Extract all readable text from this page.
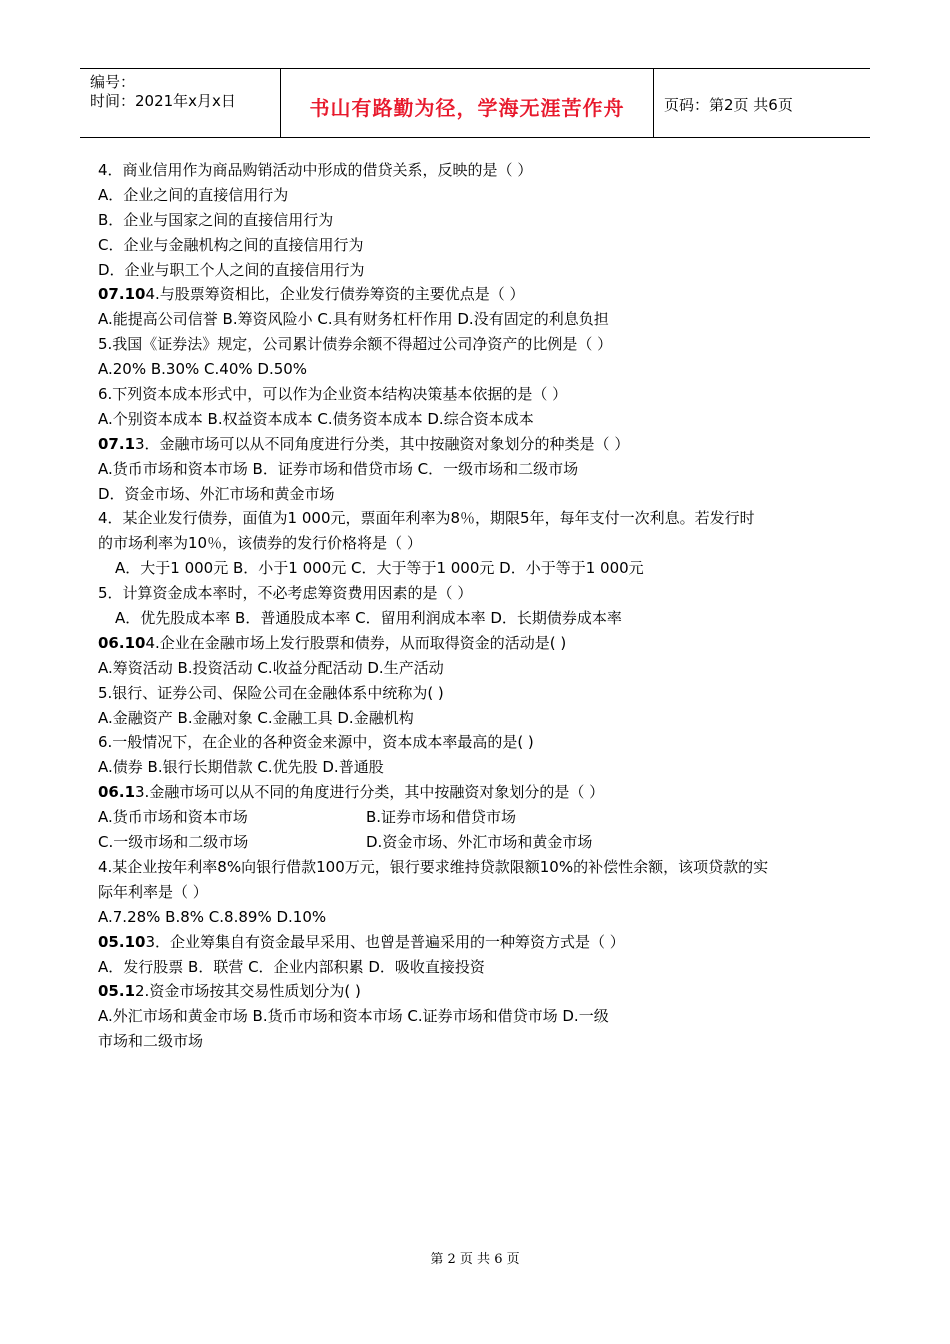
编号：
时间：2021年x月x日	书山有路勤为径，学海无涯苦作舟	页码：第2页 共6页
4．商业信用作为商品购销活动中形成的借贷关系，反映的是（ ）
A．企业之间的直接信用行为
B．企业与国家之间的直接信用行为
C．企业与金融机构之间的直接信用行为
D．企业与职工个人之间的直接信用行为
07.104.与股票筹资相比，企业发行债券筹资的主要优点是（ ）
A.能提高公司信誉 B.筹资风险小 C.具有财务杠杆作用 D.没有固定的利息负担
5.我国《证券法》规定，公司累计债券余额不得超过公司净资产的比例是（ ）
A.20% B.30% C.40% D.50%
6.下列资本成本形式中，可以作为企业资本结构决策基本依据的是（ ）
A.个别资本成本 B.权益资本成本 C.债务资本成本 D.综合资本成本
07.13．金融市场可以从不同角度进行分类，其中按融资对象划分的种类是（ ）
A.货币市场和资本市场 B．证券市场和借贷市场 C．一级市场和二级市场
D．资金市场、外汇市场和黄金市场
4．某企业发行债券，面值为1 000元，票面年利率为8％，期限5年，每年支付一次利息。若发行时
的市场利率为10％，该债券的发行价格将是（ ）
A．大于1 000元 B．小于1 000元 C．大于等于1 000元 D．小于等于1 000元
5．计算资金成本率时，不必考虑筹资费用因素的是（ ）
A．优先股成本率 B．普通股成本率 C．留用利润成本率 D．长期债券成本率
06.104.企业在金融市场上发行股票和债券，从而取得资金的活动是( )
A.筹资活动 B.投资活动 C.收益分配活动 D.生产活动
5.银行、证券公司、保险公司在金融体系中统称为( )
A.金融资产 B.金融对象 C.金融工具 D.金融机构
6.一般情况下，在企业的各种资金来源中，资本成本率最高的是( )
A.债券 B.银行长期借款 C.优先股 D.普通股
06.13.金融市场可以从不同的角度进行分类，其中按融资对象划分的是（ ）
A.货币市场和资本市场	B.证券市场和借贷市场
C.一级市场和二级市场	D.资金市场、外汇市场和黄金市场
4.某企业按年利率8%向银行借款100万元，银行要求维持贷款限额10%的补偿性余额，该项贷款的实
际年利率是（ ）
A.7.28% B.8% C.8.89% D.10%
05.103．企业筹集自有资金最早采用、也曾是普遍采用的一种筹资方式是（ ）
A．发行股票 B．联营 C．企业内部积累 D．吸收直接投资
05.12.资金市场按其交易性质划分为( )
A.外汇市场和黄金市场 B.货币市场和资本市场 C.证券市场和借贷市场 D.一级
市场和二级市场
第 2 页 共 6 页
